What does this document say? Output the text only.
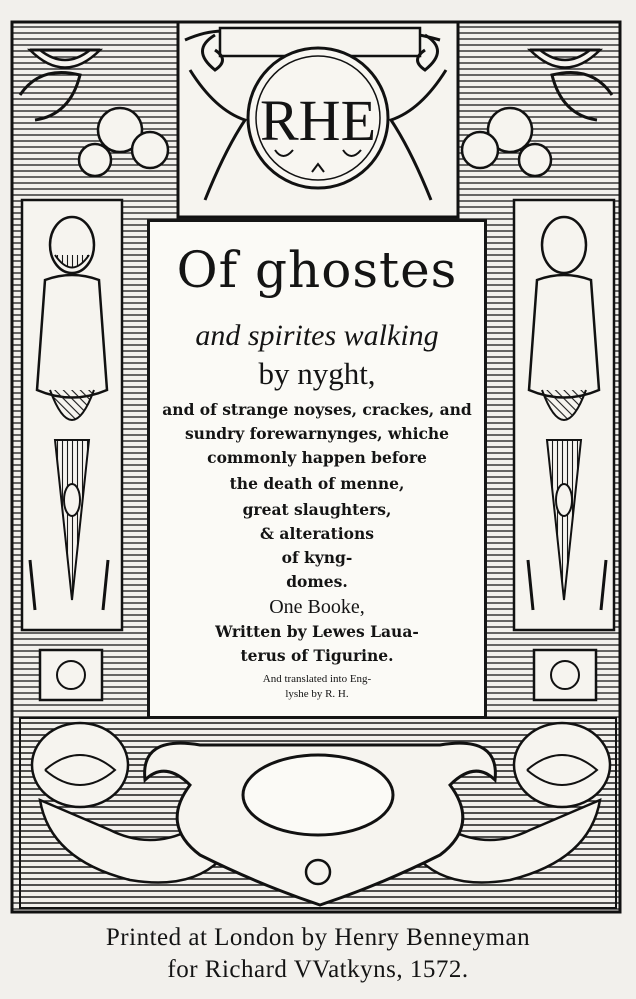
Of ghostes
and spirites walking
by nyght,
and of strange noyses, crackes, and
sundry forewarnynges, whiche
commonly happen before
the death of menne,
great slaughters,
& alterations
of kyng-
domes.
One Booke,
Written by Lewes Laua-
terus of Tigurine.
And translated into Eng-
lyshe by R. H.
RHE
Printed at London by Henry Benneyman
for Richard VVatkyns, 1572.
